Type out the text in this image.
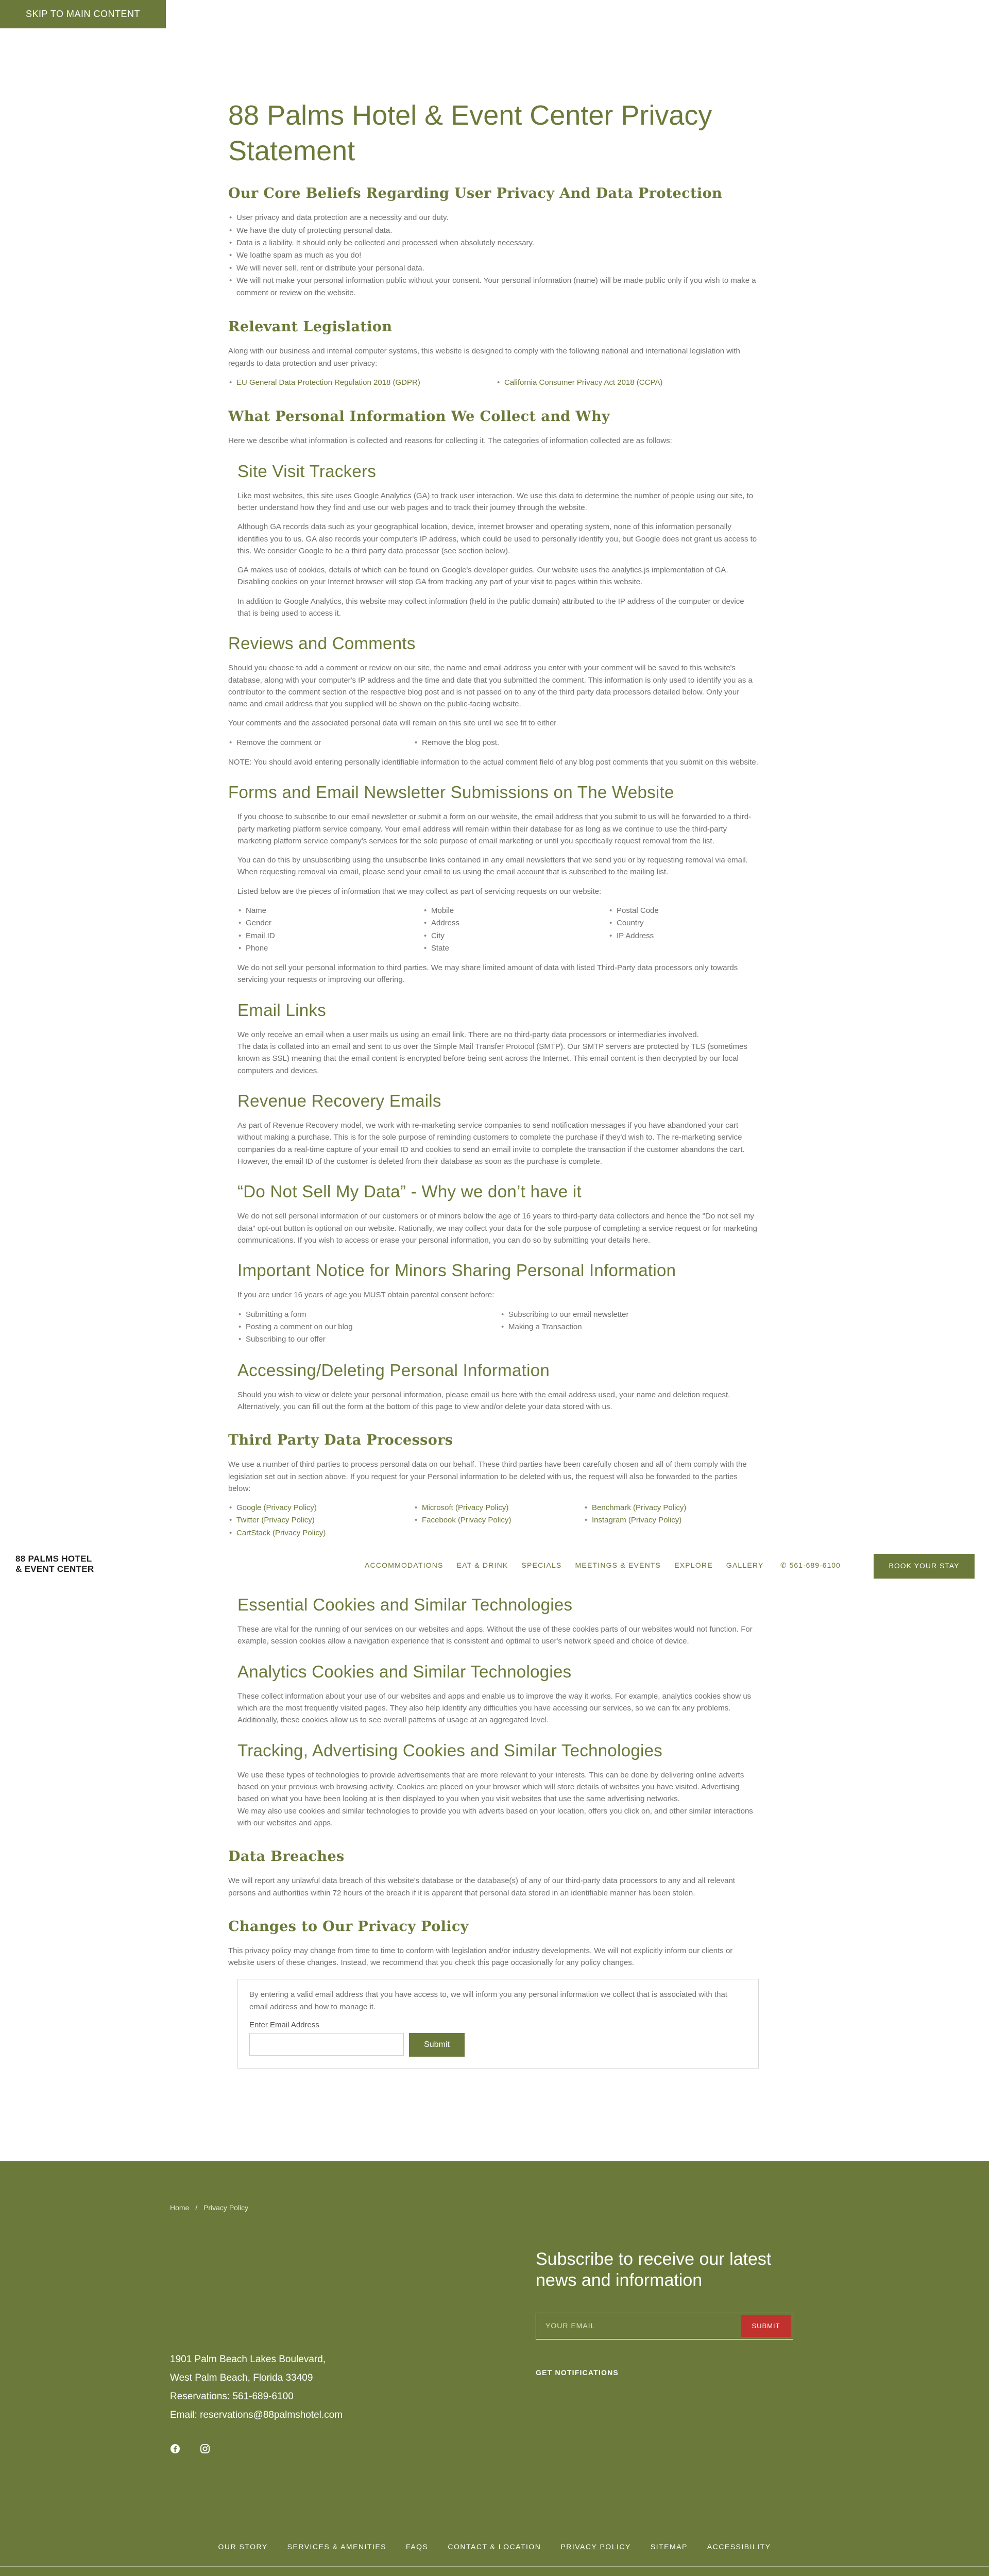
SKIP TO MAIN CONTENT
88 Palms Hotel & Event Center Privacy Statement
Our Core Beliefs Regarding User Privacy And Data Protection
• User privacy and data protection are a necessity and our duty.
• We have the duty of protecting personal data.
• Data is a liability. It should only be collected and processed when absolutely necessary.
• We loathe spam as much as you do!
• We will never sell, rent or distribute your personal data.
• We will not make your personal information public without your consent. Your personal information (name) will be made public only if you wish to make a comment or review on the website.
Relevant Legislation

Along with our business and internal computer systems, this website is designed to comply with the following national and international legislation with regards to data protection and user privacy:

• EU General Data Protection Regulation 2018 (GDPR)	• California Consumer Privacy Act 2018 (CCPA)
What Personal Information We Collect and Why

Here we describe what information is collected and reasons for collecting it. The categories of information collected are as follows:

Site Visit Trackers

Like most websites, this site uses Google Analytics (GA) to track user interaction. We use this data to determine the number of people using our site, to better understand how they find and use our web pages and to track their journey through the website.

Although GA records data such as your geographical location, device, internet browser and operating system, none of this information personally identifies you to us. GA also records your computer's IP address, which could be used to personally identify you, but Google does not grant us access to this. We consider Google to be a third party data processor (see section below).

GA makes use of cookies, details of which can be found on Google's developer guides. Our website uses the analytics.js implementation of GA. Disabling cookies on your Internet browser will stop GA from tracking any part of your visit to pages within this website.

In addition to Google Analytics, this website may collect information (held in the public domain) attributed to the IP address of the computer or device that is being used to access it.

Reviews and Comments

Should you choose to add a comment or review on our site, the name and email address you enter with your comment will be saved to this website's database, along with your computer's IP address and the time and date that you submitted the comment. This information is only used to identify you as a contributor to the comment section of the respective blog post and is not passed on to any of the third party data processors detailed below. Only your name and email address that you supplied will be shown on the public-facing website.

Your comments and the associated personal data will remain on this site until we see fit to either

• Remove the comment or	• Remove the blog post.

NOTE: You should avoid entering personally identifiable information to the actual comment field of any blog post comments that you submit on this website.

Forms and Email Newsletter Submissions on The Website

If you choose to subscribe to our email newsletter or submit a form on our website, the email address that you submit to us will be forwarded to a third-party marketing platform service company. Your email address will remain within their database for as long as we continue to use the third-party marketing platform service company's services for the sole purpose of email marketing or until you specifically request removal from the list.

You can do this by unsubscribing using the unsubscribe links contained in any email newsletters that we send you or by requesting removal via email. When requesting removal via email, please send your email to us using the email account that is subscribed to the mailing list.

Listed below are the pieces of information that we may collect as part of servicing requests on our website:

• Name
• Gender
• Email ID
• Phone
• Mobile
• Address
• City
• State
• Postal Code
• Country
• IP Address

We do not sell your personal information to third parties. We may share limited amount of data with listed Third-Party data processors only towards servicing your requests or improving our offering.

Email Links

We only receive an email when a user mails us using an email link. There are no third-party data processors or intermediaries involved.

The data is collated into an email and sent to us over the Simple Mail Transfer Protocol (SMTP). Our SMTP servers are protected by TLS (sometimes known as SSL) meaning that the email content is encrypted before being sent across the Internet. This email content is then decrypted by our local computers and devices.

Revenue Recovery Emails

As part of Revenue Recovery model, we work with re-marketing service companies to send notification messages if you have abandoned your cart without making a purchase. This is for the sole purpose of reminding customers to complete the purchase if they'd wish to. The re-marketing service companies do a real-time capture of your email ID and cookies to send an email invite to complete the transaction if the customer abandons the cart. However, the email ID of the customer is deleted from their database as soon as the purchase is complete.

“Do Not Sell My Data” - Why we don’t have it

We do not sell personal information of our customers or of minors below the age of 16 years to third-party data collectors and hence the "Do not sell my data" opt-out button is optional on our website. Rationally, we may collect your data for the sole purpose of completing a service request or for marketing communications. If you wish to access or erase your personal information, you can do so by submitting your details here.

Important Notice for Minors Sharing Personal Information

If you are under 16 years of age you MUST obtain parental consent before:

• Submitting a form
• Posting a comment on our blog
• Subscribing to our offer
• Subscribing to our email newsletter
• Making a Transaction
Accessing/Deleting Personal Information

Should you wish to view or delete your personal information, please email us here with the email address used, your name and deletion request. Alternatively, you can fill out the form at the bottom of this page to view and/or delete your data stored with us.

Third Party Data Processors

We use a number of third parties to process personal data on our behalf. These third parties have been carefully chosen and all of them comply with the legislation set out in section above. If you request for your Personal information to be deleted with us, the request will also be forwarded to the parties below:

• Google (Privacy Policy)
• Twitter (Privacy Policy)
• CartStack (Privacy Policy)
• Microsoft (Privacy Policy)
• Facebook (Privacy Policy)
• Benchmark (Privacy Policy)
• Instagram (Privacy Policy)
88 PALMS HOTEL
& EVENT CENTER	ACCOMMODATIONS EAT & DRINK SPECIALS MEETINGS & EVENTS EXPLORE GALLERY ✆ 561-689-6100	BOOK YOUR STAY
Essential Cookies and Similar Technologies

These are vital for the running of our services on our websites and apps. Without the use of these cookies parts of our websites would not function. For example, session cookies allow a navigation experience that is consistent and optimal to user's network speed and choice of device.

Analytics Cookies and Similar Technologies

These collect information about your use of our websites and apps and enable us to improve the way it works. For example, analytics cookies show us which are the most frequently visited pages. They also help identify any difficulties you have accessing our services, so we can fix any problems. Additionally, these cookies allow us to see overall patterns of usage at an aggregated level.

Tracking, Advertising Cookies and Similar Technologies

We use these types of technologies to provide advertisements that are more relevant to your interests. This can be done by delivering online adverts based on your previous web browsing activity. Cookies are placed on your browser which will store details of websites you have visited. Advertising based on what you have been looking at is then displayed to you when you visit websites that use the same advertising networks.

We may also use cookies and similar technologies to provide you with adverts based on your location, offers you click on, and other similar interactions with our websites and apps.

Data Breaches

We will report any unlawful data breach of this website's database or the database(s) of any of our third-party data processors to any and all relevant persons and authorities within 72 hours of the breach if it is apparent that personal data stored in an identifiable manner has been stolen.

Changes to Our Privacy Policy

This privacy policy may change from time to time to conform with legislation and/or industry developments. We will not explicitly inform our clients or website users of these changes. Instead, we recommend that you check this page occasionally for any policy changes.

By entering a valid email address that you have access to, we will inform you any personal information we collect that is associated with that email address and how to manage it.

Enter Email Address
Submit
Home / Privacy Policy
Subscribe to receive our latest news and information
YOUR EMAIL	SUBMIT
GET NOTIFICATIONS
1901 Palm Beach Lakes Boulevard,
West Palm Beach, Florida 33409
Reservations: 561-689-6100
Email: reservations@88palmshotel.com
OUR STORY	SERVICES & AMENITIES	FAQS	CONTACT & LOCATION	PRIVACY POLICY	SITEMAP	ACCESSIBILITY
